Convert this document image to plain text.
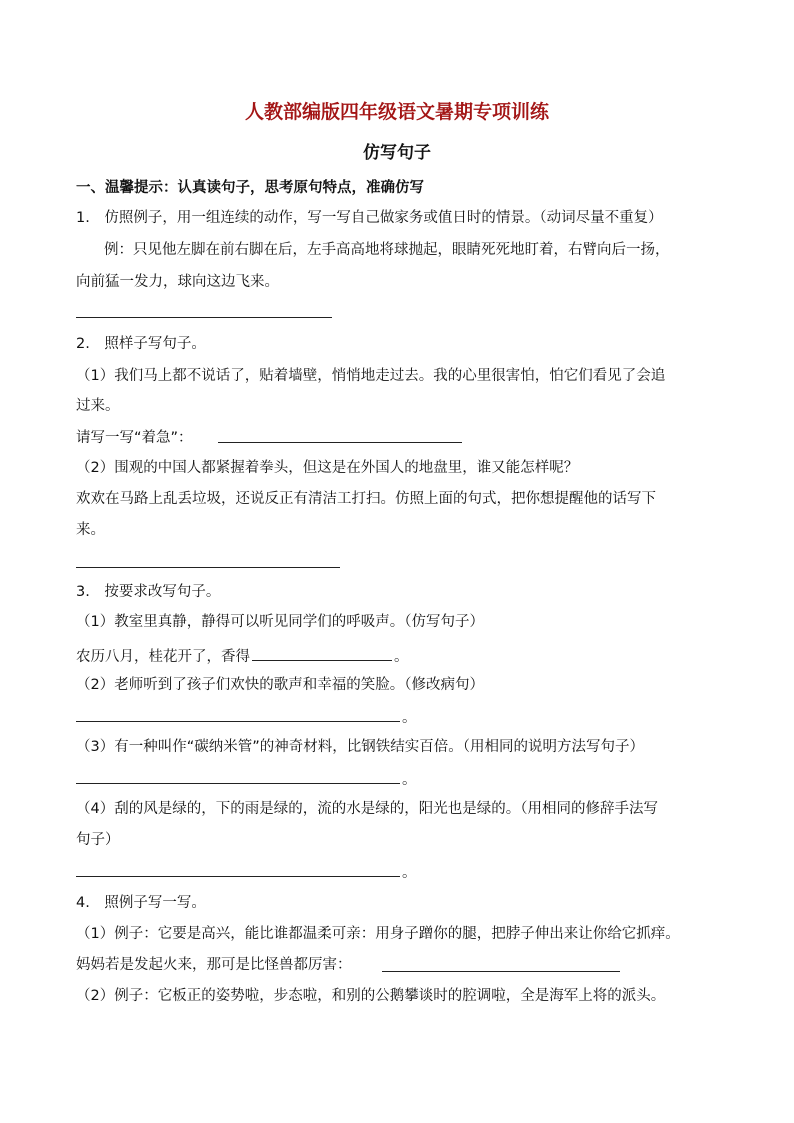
人教部编版四年级语文暑期专项训练
仿写句子
一、温馨提示：认真读句子，思考原句特点，准确仿写
1.　仿照例子，用一组连续的动作，写一写自己做家务或值日时的情景。（动词尽量不重复）
例：只见他左脚在前右脚在后，左手高高地将球抛起，眼睛死死地盯着，右臂向后一扬，
向前猛一发力，球向这边飞来。
2.　照样子写句子。
（1）我们马上都不说话了，贴着墙壁，悄悄地走过去。我的心里很害怕，怕它们看见了会追
过来。
请写一写“着急”：
（2）围观的中国人都紧握着拳头，但这是在外国人的地盘里，谁又能怎样呢？
欢欢在马路上乱丢垃圾，还说反正有清洁工打扫。仿照上面的句式，把你想提醒他的话写下
来。
3.　按要求改写句子。
（1）教室里真静，静得可以听见同学们的呼吸声。（仿写句子）
农历八月，桂花开了，香得	。
（2）老师听到了孩子们欢快的歌声和幸福的笑脸。（修改病句）
。
（3）有一种叫作“碳纳米管”的神奇材料，比钢铁结实百倍。（用相同的说明方法写句子）
。
（4）刮的风是绿的，下的雨是绿的，流的水是绿的，阳光也是绿的。（用相同的修辞手法写
句子）
。
4.　照例子写一写。
（1）例子：它要是高兴，能比谁都温柔可亲：用身子蹭你的腿，把脖子伸出来让你给它抓痒。
妈妈若是发起火来，那可是比怪兽都厉害：
（2）例子：它板正的姿势啦，步态啦，和别的公鹅攀谈时的腔调啦，全是海军上将的派头。
